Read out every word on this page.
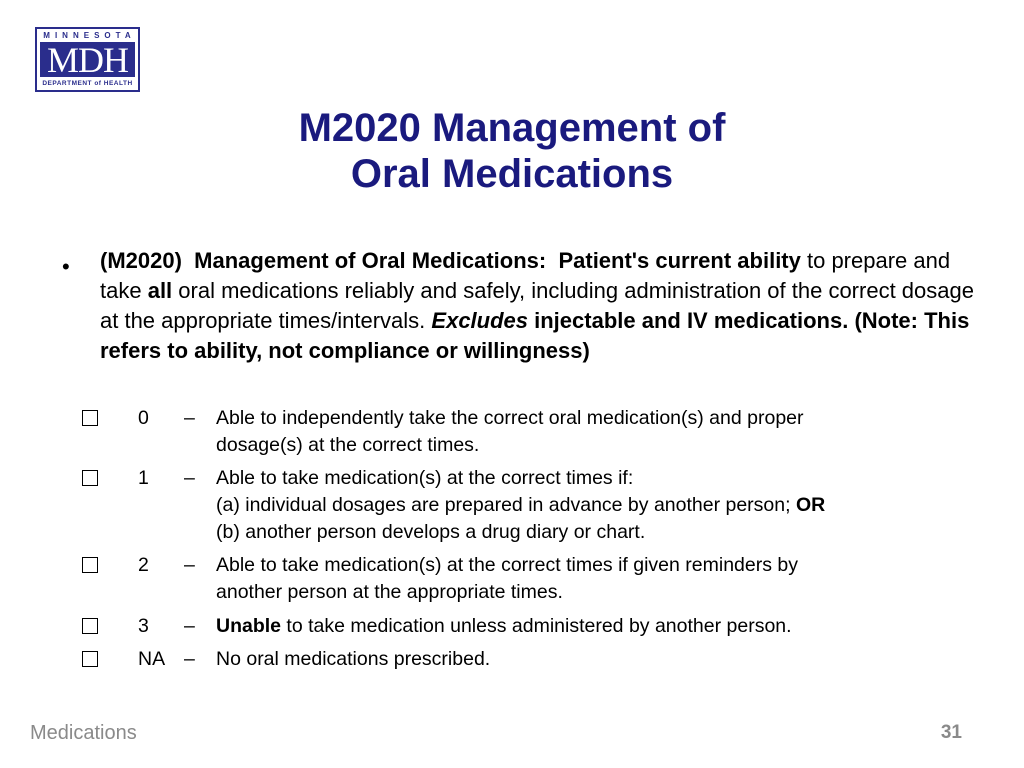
MINNESOTA
MDH
DEPARTMENT of HEALTH
M2020 Management of
Oral Medications
• (M2020) Management of Oral Medications: Patient's current ability to prepare and take all oral medications reliably and safely, including administration of the correct dosage at the appropriate times/intervals. Excludes injectable and IV medications. (Note: This refers to ability, not compliance or willingness)
0 – Able to independently take the correct oral medication(s) and proper
dosage(s) at the correct times.
1 – Able to take medication(s) at the correct times if:
(a) individual dosages are prepared in advance by another person; OR
(b) another person develops a drug diary or chart.
2 – Able to take medication(s) at the correct times if given reminders by
another person at the appropriate times.
3 – Unable to take medication unless administered by another person.
NA – No oral medications prescribed.
Medications	31
